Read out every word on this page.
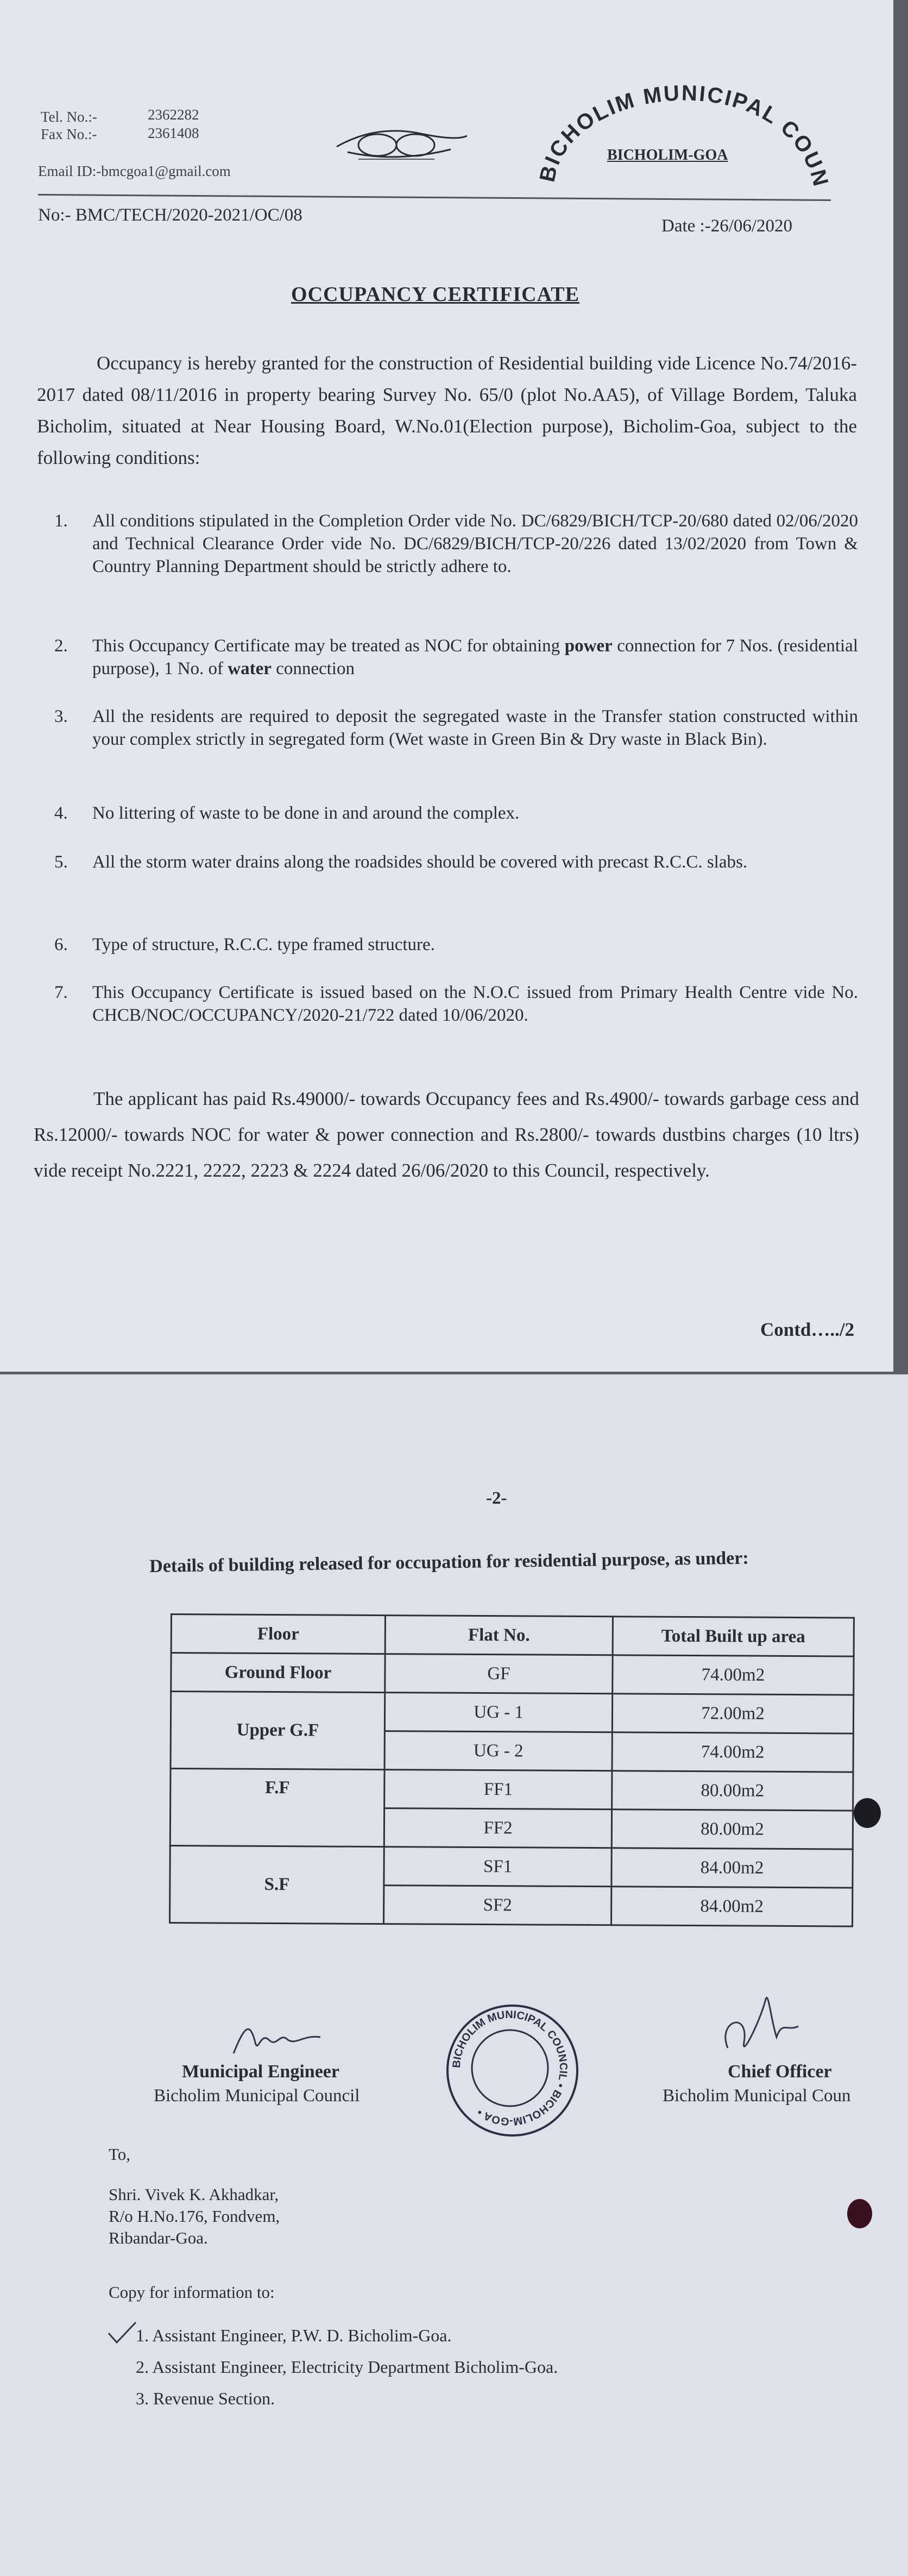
Tel. No.:-	2362282
Fax No.:-	2361408
Email ID:-bmcgoa1@gmail.com	BICHOLIM MUNICIPAL COUN
BICHOLIM-GOA
No:- BMC/TECH/2020-2021/OC/08
Date :-26/06/2020
OCCUPANCY CERTIFICATE
Occupancy is hereby granted for the construction of Residential building vide Licence No.74/2016-2017 dated 08/11/2016 in property bearing Survey No. 65/0 (plot No.AA5), of Village Bordem, Taluka Bicholim, situated at Near Housing Board, W.No.01(Election purpose), Bicholim-Goa, subject to the following conditions:
1. All conditions stipulated in the Completion Order vide No. DC/6829/BICH/TCP-20/680 dated 02/06/2020 and Technical Clearance Order vide No. DC/6829/BICH/TCP-20/226 dated 13/02/2020 from Town & Country Planning Department should be strictly adhere to.
2. This Occupancy Certificate may be treated as NOC for obtaining power connection for 7 Nos. (residential purpose), 1 No. of water connection
3. All the residents are required to deposit the segregated waste in the Transfer station constructed within your complex strictly in segregated form (Wet waste in Green Bin & Dry waste in Black Bin).
4. No littering of waste to be done in and around the complex.
5. All the storm water drains along the roadsides should be covered with precast R.C.C. slabs.
6. Type of structure, R.C.C. type framed structure.
7. This Occupancy Certificate is issued based on the N.O.C issued from Primary Health Centre vide No. CHCB/NOC/OCCUPANCY/2020-21/722 dated 10/06/2020.
The applicant has paid Rs.49000/- towards Occupancy fees and Rs.4900/- towards garbage cess and Rs.12000/- towards NOC for water & power connection and Rs.2800/- towards dustbins charges (10 ltrs) vide receipt No.2221, 2222, 2223 & 2224 dated 26/06/2020 to this Council, respectively.
Contd…../2
-2-
Details of building released for occupation for residential purpose, as under:
Floor	Flat No.	Total Built up area
Ground Floor	GF	74.00m2
Upper G.F	UG - 1	72.00m2
	UG - 2	74.00m2
F.F	FF1	80.00m2
	FF2	80.00m2
S.F	SF1	84.00m2
	SF2	84.00m2
Municipal Engineer
Bicholim Municipal Council
BICHOLIM MUNICIPAL COUNCIL • BICHOLIM-GOA •
Chief Officer
Bicholim Municipal Coun
To,
Shri. Vivek K. Akhadkar,
R/o H.No.176, Fondvem,
Ribandar-Goa.
Copy for information to:
1. Assistant Engineer, P.W. D. Bicholim-Goa.
2. Assistant Engineer, Electricity Department Bicholim-Goa.
3. Revenue Section.
